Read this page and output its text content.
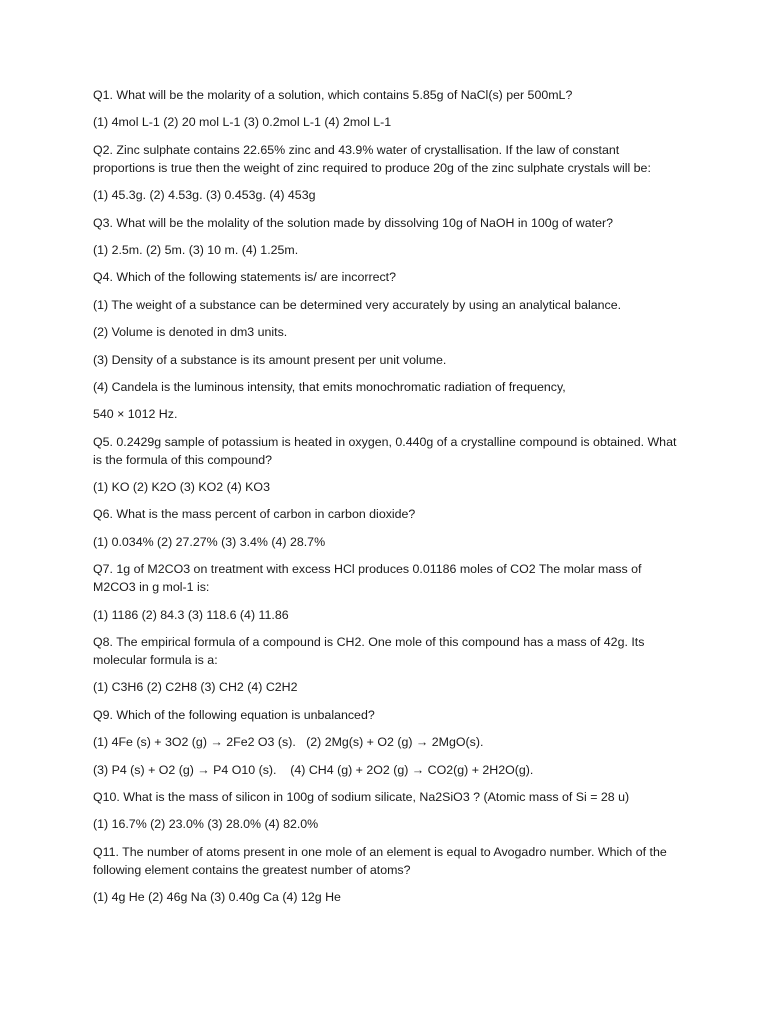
Q1. What will be the molarity of a solution, which contains 5.85g of NaCl(s) per 500mL?

(1) 4mol L-1 (2) 20 mol L-1 (3) 0.2mol L-1 (4) 2mol L-1

Q2. Zinc sulphate contains 22.65% zinc and 43.9% water of crystallisation. If the law of constant proportions is true then the weight of zinc required to produce 20g of the zinc sulphate crystals will be:

(1) 45.3g. (2) 4.53g. (3) 0.453g. (4) 453g

Q3. What will be the molality of the solution made by dissolving 10g of NaOH in 100g of water?

(1) 2.5m. (2) 5m. (3) 10 m. (4) 1.25m.

Q4. Which of the following statements is/ are incorrect?

(1) The weight of a substance can be determined very accurately by using an analytical balance.

(2) Volume is denoted in dm3 units.

(3) Density of a substance is its amount present per unit volume.

(4) Candela is the luminous intensity, that emits monochromatic radiation of frequency,

540 × 1012 Hz.

Q5. 0.2429g sample of potassium is heated in oxygen, 0.440g of a crystalline compound is obtained. What is the formula of this compound?

(1) KO (2) K2O (3) KO2 (4) KO3

Q6. What is the mass percent of carbon in carbon dioxide?

(1) 0.034% (2) 27.27% (3) 3.4% (4) 28.7%

Q7. 1g of M2CO3 on treatment with excess HCl produces 0.01186 moles of CO2 The molar mass of M2CO3 in g mol-1 is:

(1) 1186 (2) 84.3 (3) 118.6 (4) 11.86

Q8. The empirical formula of a compound is CH2. One mole of this compound has a mass of 42g. Its molecular formula is a:

(1) C3H6 (2) C2H8 (3) CH2 (4) C2H2

Q9. Which of the following equation is unbalanced?

(1) 4Fe (s) + 3O2 (g) → 2Fe2 O3 (s).   (2) 2Mg(s) + O2 (g) → 2MgO(s).

(3) P4 (s) + O2 (g) → P4 O10 (s).    (4) CH4 (g) + 2O2 (g) → CO2(g) + 2H2O(g).

Q10. What is the mass of silicon in 100g of sodium silicate, Na2SiO3 ? (Atomic mass of Si = 28 u)

(1) 16.7% (2) 23.0% (3) 28.0% (4) 82.0%

Q11. The number of atoms present in one mole of an element is equal to Avogadro number. Which of the following element contains the greatest number of atoms?

(1) 4g He (2) 46g Na (3) 0.40g Ca (4) 12g He
